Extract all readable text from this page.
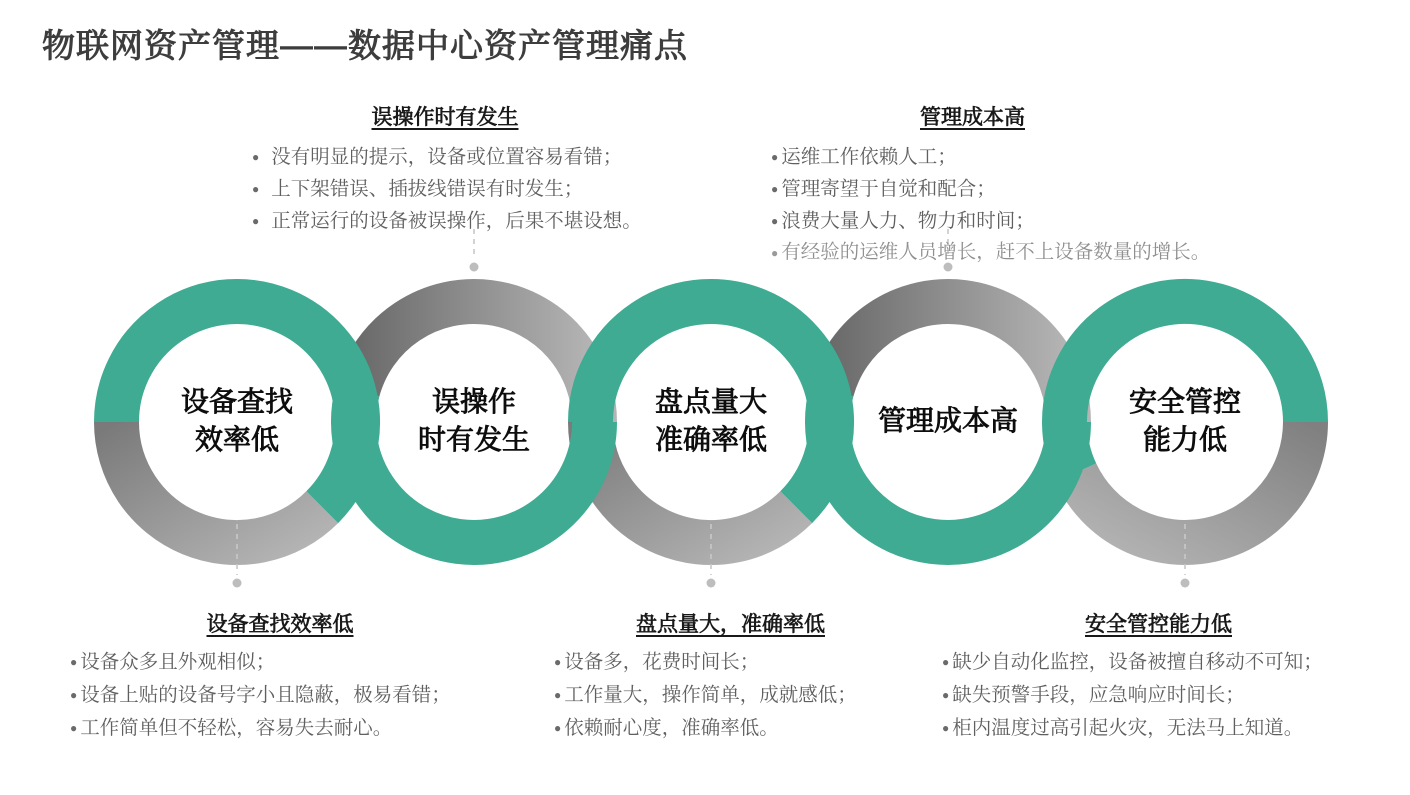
物联网资产管理——数据中心资产管理痛点
设备查找
效率低
误操作
时有发生
盘点量大
准确率低
管理成本高
安全管控
能力低
误操作时有发生
● 没有明显的提示，设备或位置容易看错；
● 上下架错误、插拔线错误有时发生；
● 正常运行的设备被误操作，后果不堪设想。
管理成本高
● 运维工作依赖人工；
● 管理寄望于自觉和配合；
● 浪费大量人力、物力和时间；
● 有经验的运维人员增长，赶不上设备数量的增长。
设备查找效率低
● 设备众多且外观相似；
● 设备上贴的设备号字小且隐蔽，极易看错；
● 工作简单但不轻松，容易失去耐心。
盘点量大，准确率低
● 设备多，花费时间长；
● 工作量大，操作简单，成就感低；
● 依赖耐心度，准确率低。
安全管控能力低
● 缺少自动化监控，设备被擅自移动不可知；
● 缺失预警手段，应急响应时间长；
● 柜内温度过高引起火灾，无法马上知道。
